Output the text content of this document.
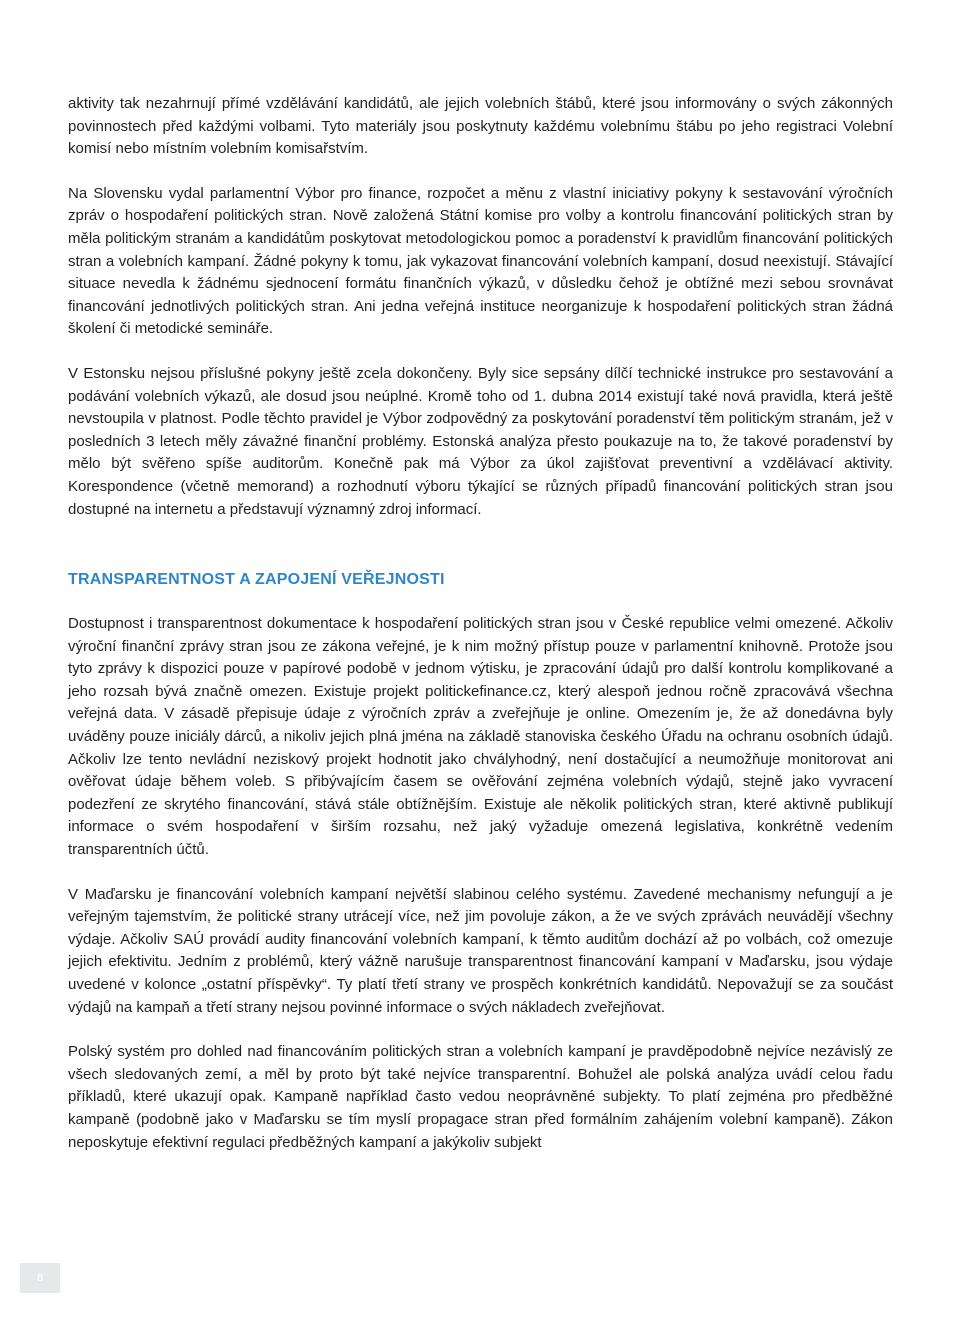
aktivity tak nezahrnují přímé vzdělávání kandidátů, ale jejich volebních štábů, které jsou informovány o svých zákonných povinnostech před každými volbami. Tyto materiály jsou poskytnuty každému volebnímu štábu po jeho registraci Volební komisí nebo místním volebním komisařstvím.

Na Slovensku vydal parlamentní Výbor pro finance, rozpočet a měnu z vlastní iniciativy pokyny k sestavování výročních zpráv o hospodaření politických stran. Nově založená Státní komise pro volby a kontrolu financování politických stran by měla politickým stranám a kandidátům poskytovat metodologickou pomoc a poradenství k pravidlům financování politických stran a volebních kampaní. Žádné pokyny k tomu, jak vykazovat financování volebních kampaní, dosud neexistují. Stávající situace nevedla k žádnému sjednocení formátu finančních výkazů, v důsledku čehož je obtížné mezi sebou srovnávat financování jednotlivých politických stran. Ani jedna veřejná instituce neorganizuje k hospodaření politických stran žádná školení či metodické semináře.

V Estonsku nejsou příslušné pokyny ještě zcela dokončeny. Byly sice sepsány dílčí technické instrukce pro sestavování a podávání volebních výkazů, ale dosud jsou neúplné. Kromě toho od 1. dubna 2014 existují také nová pravidla, která ještě nevstoupila v platnost. Podle těchto pravidel je Výbor zodpovědný za poskytování poradenství těm politickým stranám, jež v posledních 3 letech měly závažné finanční problémy. Estonská analýza přesto poukazuje na to, že takové poradenství by mělo být svěřeno spíše auditorům. Konečně pak má Výbor za úkol zajišťovat preventivní a vzdělávací aktivity. Korespondence (včetně memorand) a rozhodnutí výboru týkající se různých případů financování politických stran jsou dostupné na internetu a představují významný zdroj informací.

TRANSPARENTNOST A ZAPOJENÍ VEŘEJNOSTI

Dostupnost i transparentnost dokumentace k hospodaření politických stran jsou v České republice velmi omezené. Ačkoliv výroční finanční zprávy stran jsou ze zákona veřejné, je k nim možný přístup pouze v parlamentní knihovně. Protože jsou tyto zprávy k dispozici pouze v papírové podobě v jednom výtisku, je zpracování údajů pro další kontrolu komplikované a jeho rozsah bývá značně omezen. Existuje projekt politickefinance.cz, který alespoň jednou ročně zpracovává všechna veřejná data. V zásadě přepisuje údaje z výročních zpráv a zveřejňuje je online. Omezením je, že až donedávna byly uváděny pouze iniciály dárců, a nikoliv jejich plná jména na základě stanoviska českého Úřadu na ochranu osobních údajů. Ačkoliv lze tento nevládní neziskový projekt hodnotit jako chvályhodný, není dostačující a neumožňuje monitorovat ani ověřovat údaje během voleb. S přibývajícím časem se ověřování zejména volebních výdajů, stejně jako vyvracení podezření ze skrytého financování, stává stále obtížnějším. Existuje ale několik politických stran, které aktivně publikují informace o svém hospodaření v širším rozsahu, než jaký vyžaduje omezená legislativa, konkrétně vedením transparentních účtů.

V Maďarsku je financování volebních kampaní největší slabinou celého systému. Zavedené mechanismy nefungují a je veřejným tajemstvím, že politické strany utrácejí více, než jim povoluje zákon, a že ve svých zprávách neuvádějí všechny výdaje. Ačkoliv SAÚ provádí audity financování volebních kampaní, k těmto auditům dochází až po volbách, což omezuje jejich efektivitu. Jedním z problémů, který vážně narušuje transparentnost financování kampaní v Maďarsku, jsou výdaje uvedené v kolonce „ostatní příspěvky“. Ty platí třetí strany ve prospěch konkrétních kandidátů. Nepovažují se za součást výdajů na kampaň a třetí strany nejsou povinné informace o svých nákladech zveřejňovat.

Polský systém pro dohled nad financováním politických stran a volebních kampaní je pravděpodobně nejvíce nezávislý ze všech sledovaných zemí, a měl by proto být také nejvíce transparentní. Bohužel ale polská analýza uvádí celou řadu příkladů, které ukazují opak. Kampaně například často vedou neoprávněné subjekty. To platí zejména pro předběžné kampaně (podobně jako v Maďarsku se tím myslí propagace stran před formálním zahájením volební kampaně). Zákon neposkytuje efektivní regulaci předběžných kampaní a jakýkoliv subjekt

8
